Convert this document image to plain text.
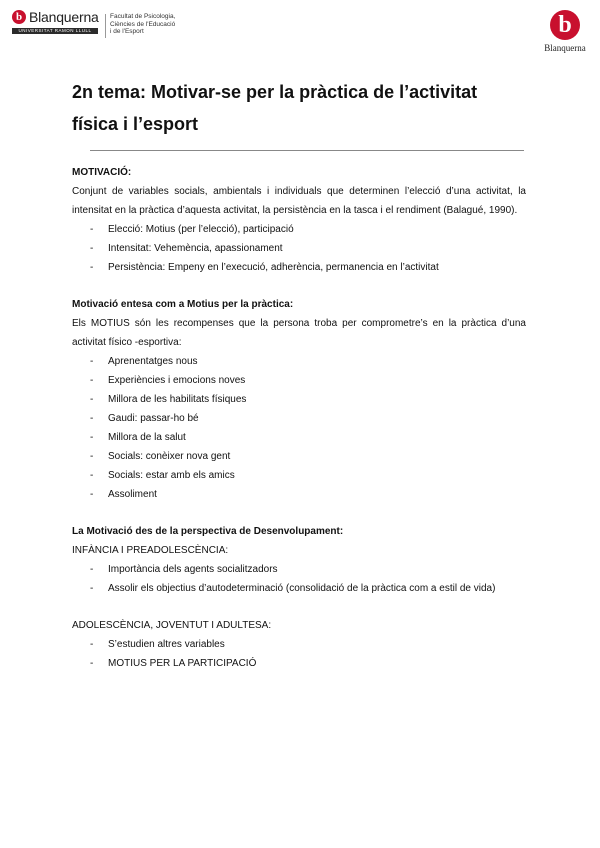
b Blanquerna
UNIVERSITAT RAMON LLULL
Facultat de Psicologia,
Ciències de l'Educació
i de l'Esport	b
Blanquerna
2n tema: Motivar-se per la pràctica de l’activitat física i l’esport

MOTIVACIÓ:

Conjunt de variables socials, ambientals i individuals que determinen l’elecció d’una activitat, la intensitat en la pràctica d’aquesta activitat, la persistència en la tasca i el rendiment (Balagué, 1990).

- Elecció: Motius (per l’elecció), participació
- Intensitat: Vehemència, apassionament
- Persistència: Empeny en l’execució, adherència, permanencia en l’activitat

Motivació entesa com a Motius per la pràctica:

Els MOTIUS són les recompenses que la persona troba per comprometre’s en la pràctica d’una activitat físico -esportiva:

- Aprenentatges nous
- Experiències i emocions noves
- Millora de les habilitats físiques
- Gaudi: passar-ho bé
- Millora de la salut
- Socials: conèixer nova gent
- Socials: estar amb els amics
- Assoliment

La Motivació des de la perspectiva de Desenvolupament:

INFÀNCIA I PREADOLESCÈNCIA:

- Importància dels agents socialitzadors
- Assolir els objectius d’autodeterminació (consolidació de la pràctica com a estil de vida)

ADOLESCÈNCIA, JOVENTUT I ADULTESA:

- S’estudien altres variables
- MOTIUS PER LA PARTICIPACIÓ
